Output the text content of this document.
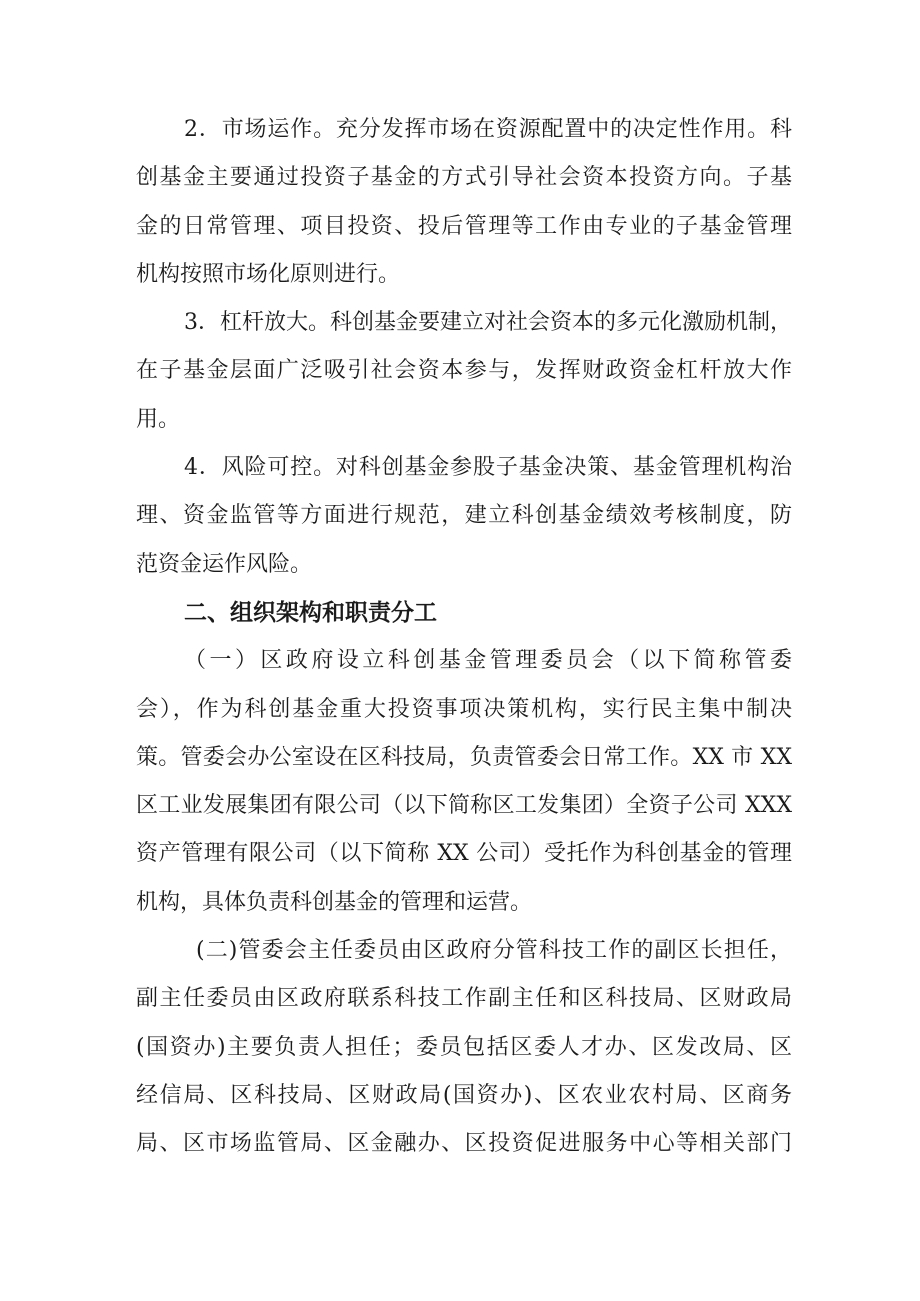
2．市场运作。充分发挥市场在资源配置中的决定性作用。科
创基金主要通过投资子基金的方式引导社会资本投资方向。子基
金的日常管理、项目投资、投后管理等工作由专业的子基金管理
机构按照市场化原则进行。
3．杠杆放大。科创基金要建立对社会资本的多元化激励机制，
在子基金层面广泛吸引社会资本参与，发挥财政资金杠杆放大作
用。
4．风险可控。对科创基金参股子基金决策、基金管理机构治
理、资金监管等方面进行规范，建立科创基金绩效考核制度，防
范资金运作风险。
二、组织架构和职责分工
（一）区政府设立科创基金管理委员会（以下简称管委
会），作为科创基金重大投资事项决策机构，实行民主集中制决
策。管委会办公室设在区科技局，负责管委会日常工作。XX 市 XX
区工业发展集团有限公司（以下简称区工发集团）全资子公司 XXX
资产管理有限公司（以下简称 XX 公司）受托作为科创基金的管理
机构，具体负责科创基金的管理和运营。
(二)管委会主任委员由区政府分管科技工作的副区长担任，
副主任委员由区政府联系科技工作副主任和区科技局、区财政局
(国资办)主要负责人担任；委员包括区委人才办、区发改局、区
经信局、区科技局、区财政局(国资办)、区农业农村局、区商务
局、区市场监管局、区金融办、区投资促进服务中心等相关部门
